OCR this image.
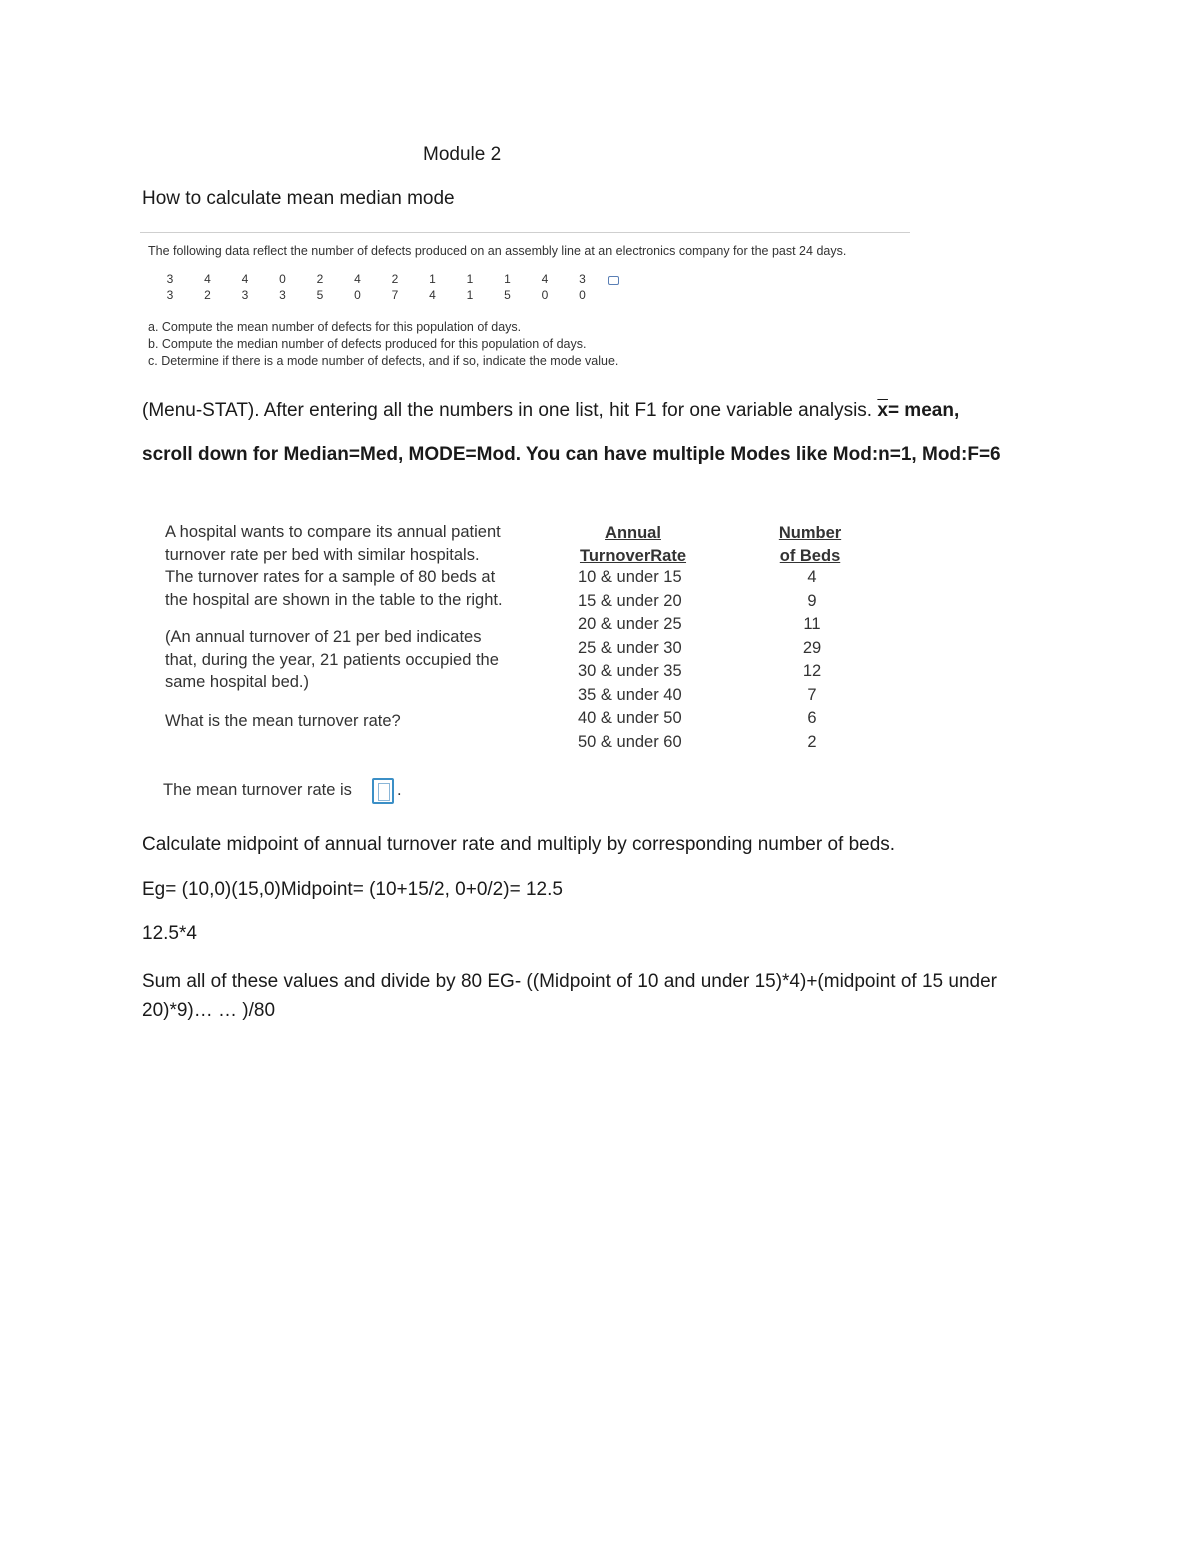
Module 2
How to calculate mean median mode
The following data reflect the number of defects produced on an assembly line at an electronics company for the past 24 days.
3	4	4	0	2	4	2	1	1	1	4	3
3	2	3	3	5	0	7	4	1	5	0	0
a. Compute the mean number of defects for this population of days.
b. Compute the median number of defects produced for this population of days.
c. Determine if there is a mode number of defects, and if so, indicate the mode value.
(Menu-STAT). After entering all the numbers in one list, hit F1 for one variable analysis. $\overline{x}=$ mean,
scroll down for Median=Med, MODE=Mod. You can have multiple Modes like Mod:n=1, Mod:F=6
A hospital wants to compare its annual patient
turnover rate per bed with similar hospitals.
The turnover rates for a sample of 80 beds at
the hospital are shown in the table to the right.
(An annual turnover of 21 per bed indicates
that, during the year, 21 patients occupied the
same hospital bed.)
What is the mean turnover rate?
Annual
TurnoverRate
Number
of Beds
10 & under 15	4
15 & under 20	9
20 & under 25	11
25 & under 30	29
30 & under 35	12
35 & under 40	7
40 & under 50	6
50 & under 60	2
The mean turnover rate is	.
Calculate midpoint of annual turnover rate and multiply by corresponding number of beds.
Eg= (10,0)(15,0)Midpoint= (10+15/2, 0+0/2)= 12.5
12.5*4
Sum all of these values and divide by 80 EG- ((Midpoint of 10 and under 15)*4)+(midpoint of 15 under 20)*9)… … )/80
